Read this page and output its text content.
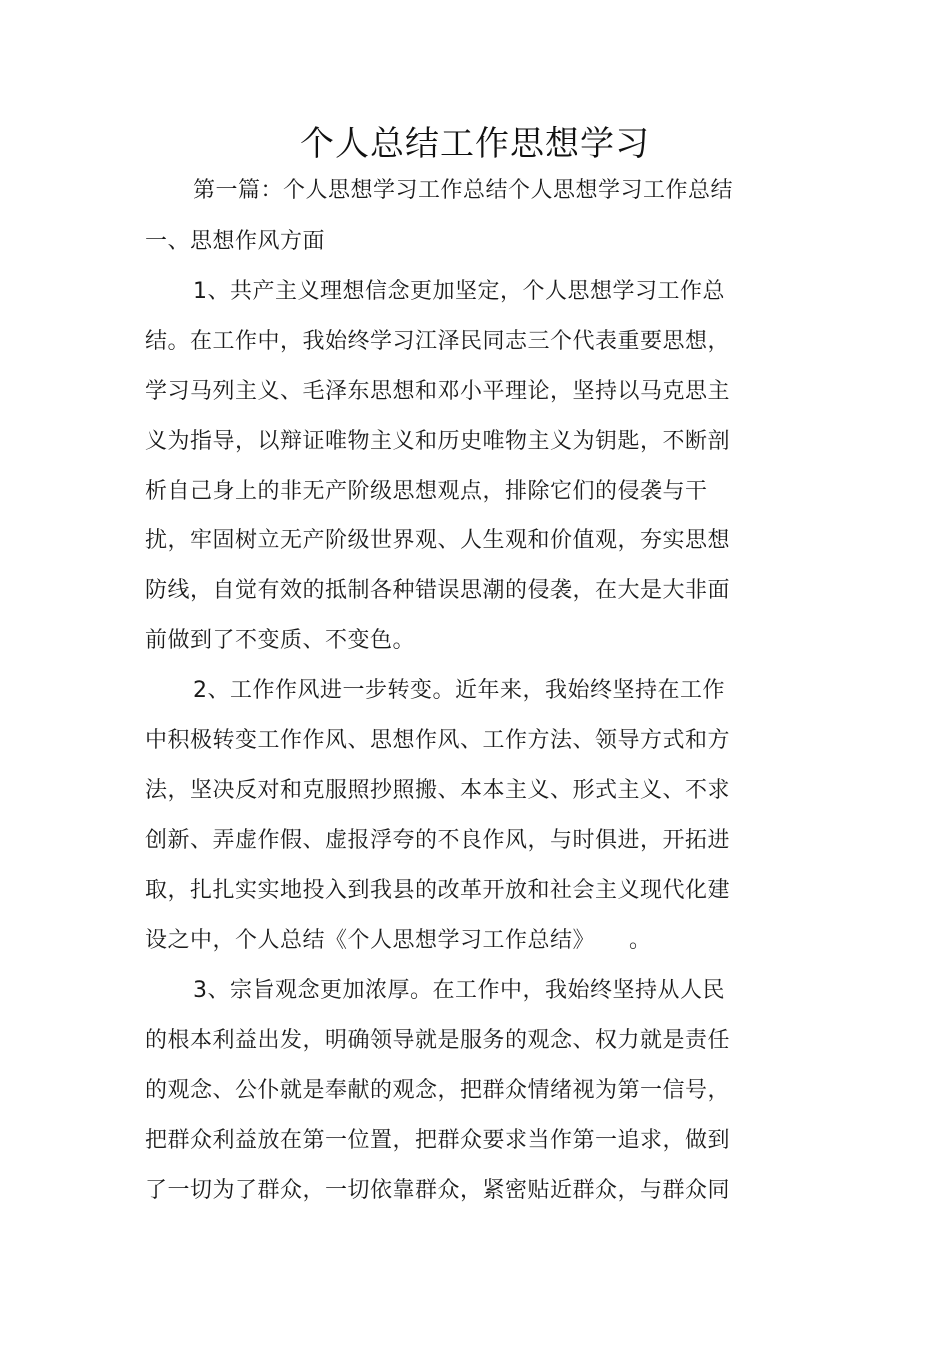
个人总结工作思想学习
第一篇：个人思想学习工作总结个人思想学习工作总结
一、思想作风方面
1、共产主义理想信念更加坚定，个人思想学习工作总
结。在工作中，我始终学习江泽民同志三个代表重要思想，
学习马列主义、毛泽东思想和邓小平理论，坚持以马克思主
义为指导，以辩证唯物主义和历史唯物主义为钥匙，不断剖
析自己身上的非无产阶级思想观点，排除它们的侵袭与干
扰，牢固树立无产阶级世界观、人生观和价值观，夯实思想
防线，自觉有效的抵制各种错误思潮的侵袭，在大是大非面
前做到了不变质、不变色。
2、工作作风进一步转变。近年来，我始终坚持在工作
中积极转变工作作风、思想作风、工作方法、领导方式和方
法，坚决反对和克服照抄照搬、本本主义、形式主义、不求
创新、弄虚作假、虚报浮夸的不良作风，与时俱进，开拓进
取，扎扎实实地投入到我县的改革开放和社会主义现代化建
设之中，个人总结《个人思想学习工作总结》　　。
3、宗旨观念更加浓厚。在工作中，我始终坚持从人民
的根本利益出发，明确领导就是服务的观念、权力就是责任
的观念、公仆就是奉献的观念，把群众情绪视为第一信号，
把群众利益放在第一位置，把群众要求当作第一追求，做到
了一切为了群众，一切依靠群众，紧密贴近群众，与群众同
